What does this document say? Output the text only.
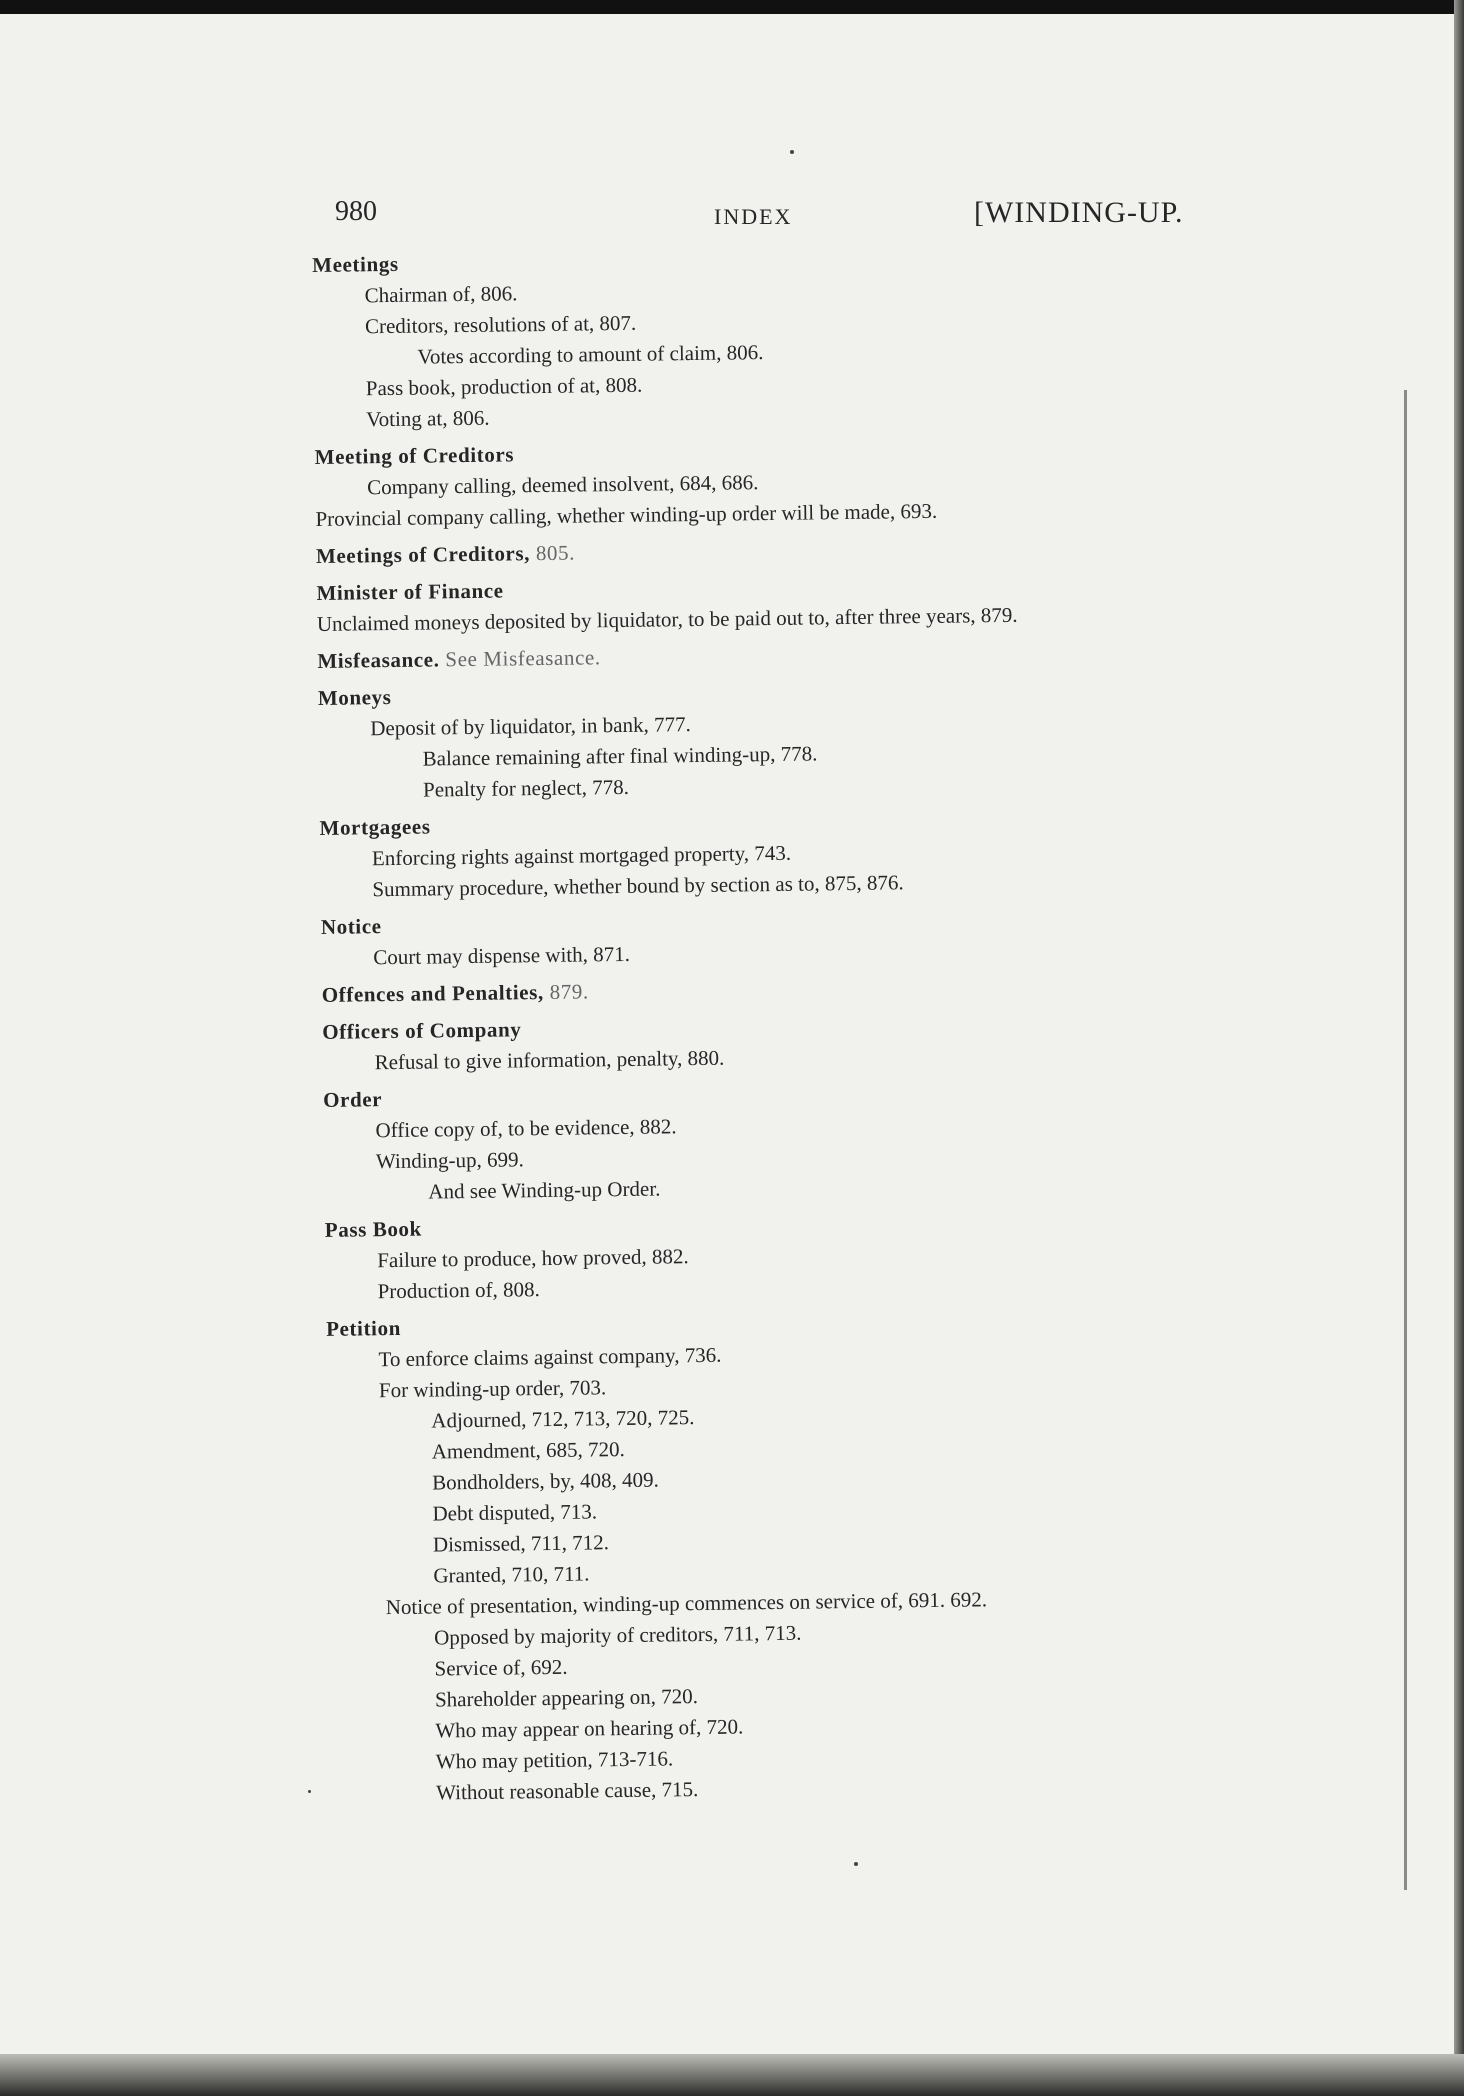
980	INDEX	[WINDING-UP.
Meetings
Chairman of, 806.
Creditors, resolutions of at, 807.
Votes according to amount of claim, 806.
Pass book, production of at, 808.
Voting at, 806.
Meeting of Creditors
Company calling, deemed insolvent, 684, 686.
Provincial company calling, whether winding-up order will be made, 693.
Meetings of Creditors, 805.
Minister of Finance
Unclaimed moneys deposited by liquidator, to be paid out to, after three years, 879.
Misfeasance. See Misfeasance.
Moneys
Deposit of by liquidator, in bank, 777.
Balance remaining after final winding-up, 778.
Penalty for neglect, 778.
Mortgagees
Enforcing rights against mortgaged property, 743.
Summary procedure, whether bound by section as to, 875, 876.
Notice
Court may dispense with, 871.
Offences and Penalties, 879.
Officers of Company
Refusal to give information, penalty, 880.
Order
Office copy of, to be evidence, 882.
Winding-up, 699.
And see Winding-up Order.
Pass Book
Failure to produce, how proved, 882.
Production of, 808.
Petition
To enforce claims against company, 736.
For winding-up order, 703.
Adjourned, 712, 713, 720, 725.
Amendment, 685, 720.
Bondholders, by, 408, 409.
Debt disputed, 713.
Dismissed, 711, 712.
Granted, 710, 711.
Notice of presentation, winding-up commences on service of, 691. 692.
Opposed by majority of creditors, 711, 713.
Service of, 692.
Shareholder appearing on, 720.
Who may appear on hearing of, 720.
Who may petition, 713-716.
Without reasonable cause, 715.
